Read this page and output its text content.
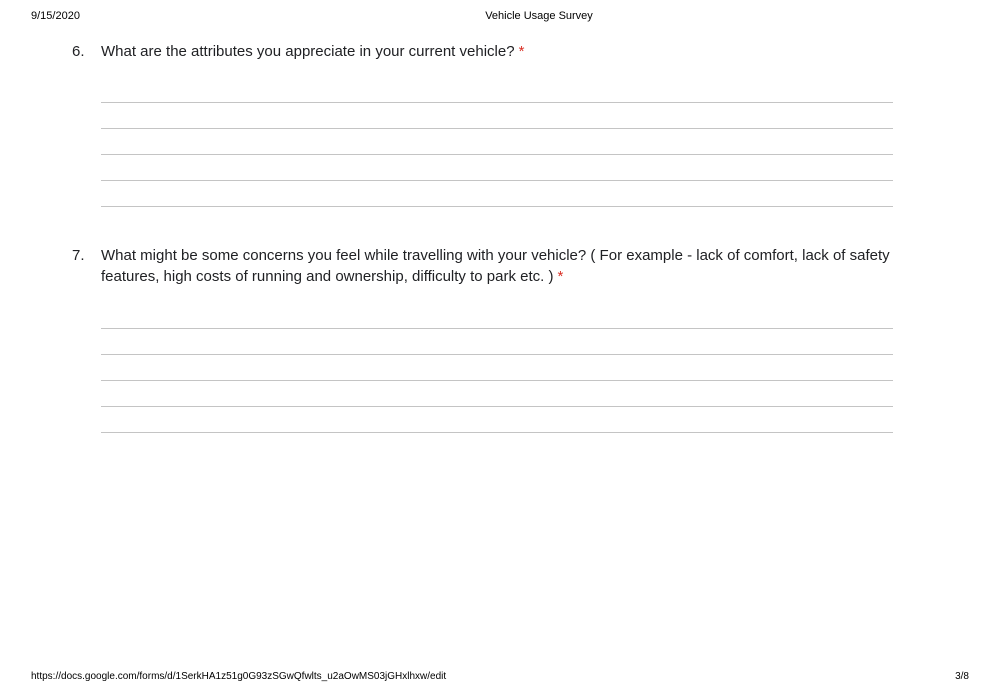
9/15/2020	Vehicle Usage Survey
6. What are the attributes you appreciate in your current vehicle? *
7. What might be some concerns you feel while travelling with your vehicle? ( For example - lack of comfort, lack of safety features, high costs of running and ownership, difficulty to park etc. ) *
https://docs.google.com/forms/d/1SerkHA1z51g0G93zSGwQfwlts_u2aOwMS03jGHxlhxw/edit	3/8
